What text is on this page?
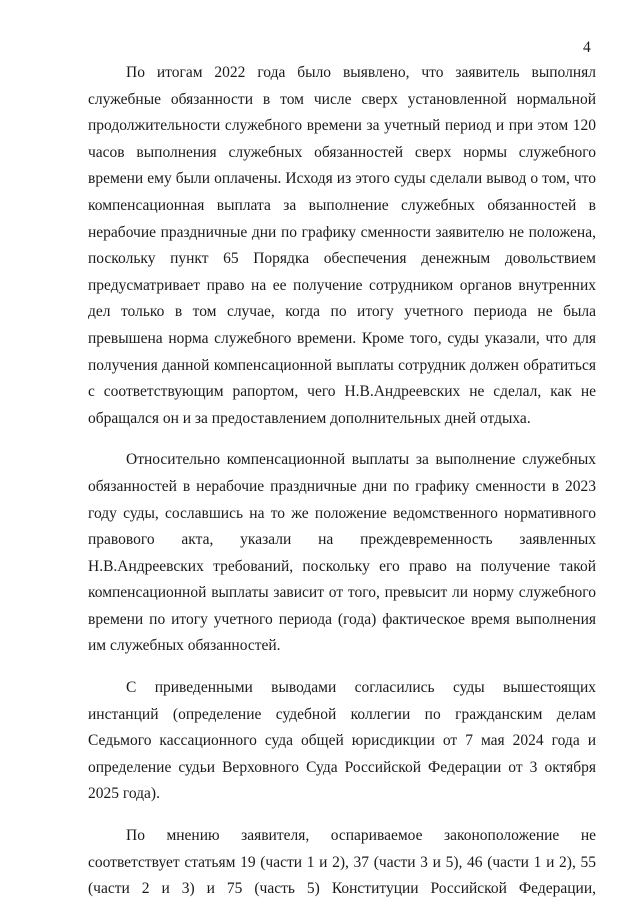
4

По итогам 2022 года было выявлено, что заявитель выполнял служебные обязанности в том числе сверх установленной нормальной продолжительности служебного времени за учетный период и при этом 120 часов выполнения служебных обязанностей сверх нормы служебного времени ему были оплачены. Исходя из этого суды сделали вывод о том, что компенсационная выплата за выполнение служебных обязанностей в нерабочие праздничные дни по графику сменности заявителю не положена, поскольку пункт 65 Порядка обеспечения денежным довольствием предусматривает право на ее получение сотрудником органов внутренних дел только в том случае, когда по итогу учетного периода не была превышена норма служебного времени. Кроме того, суды указали, что для получения данной компенсационной выплаты сотрудник должен обратиться с соответствующим рапортом, чего Н.В.Андреевских не сделал, как не обращался он и за предоставлением дополнительных дней отдыха.

Относительно компенсационной выплаты за выполнение служебных обязанностей в нерабочие праздничные дни по графику сменности в 2023 году суды, сославшись на то же положение ведомственного нормативного правового акта, указали на преждевременность заявленных Н.В.Андреевских требований, поскольку его право на получение такой компенсационной выплаты зависит от того, превысит ли норму служебного времени по итогу учетного периода (года) фактическое время выполнения им служебных обязанностей.

С приведенными выводами согласились суды вышестоящих инстанций (определение судебной коллегии по гражданским делам Седьмого кассационного суда общей юрисдикции от 7 мая 2024 года и определение судьи Верховного Суда Российской Федерации от 3 октября 2025 года).

По мнению заявителя, оспариваемое законоположение не соответствует статьям 19 (части 1 и 2), 37 (части 3 и 5), 46 (части 1 и 2), 55 (части 2 и 3) и 75 (часть 5) Конституции Российской Федерации,
